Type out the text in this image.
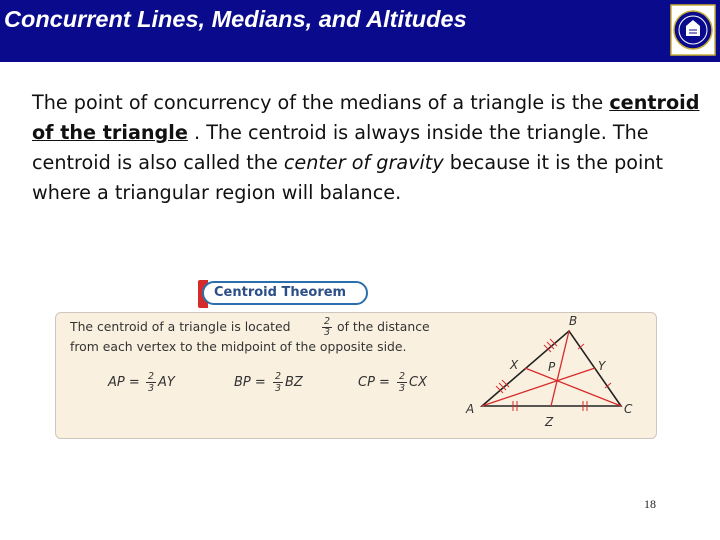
Concurrent Lines, Medians, and Altitudes
The point of concurrency of the medians of a triangle is the centroid of the triangle . The centroid is always inside the triangle. The centroid is also called the center of gravity because it is the point where a triangular region will balance.
Centroid Theorem
The centroid of a triangle is located	2
3 of the distance
from each vertex to the midpoint of the opposite side.
AP = 2
3 AY	BP = 2
3 BZ	CP = 2
3 CX
A
B
C
X	Y
Z
P
18
